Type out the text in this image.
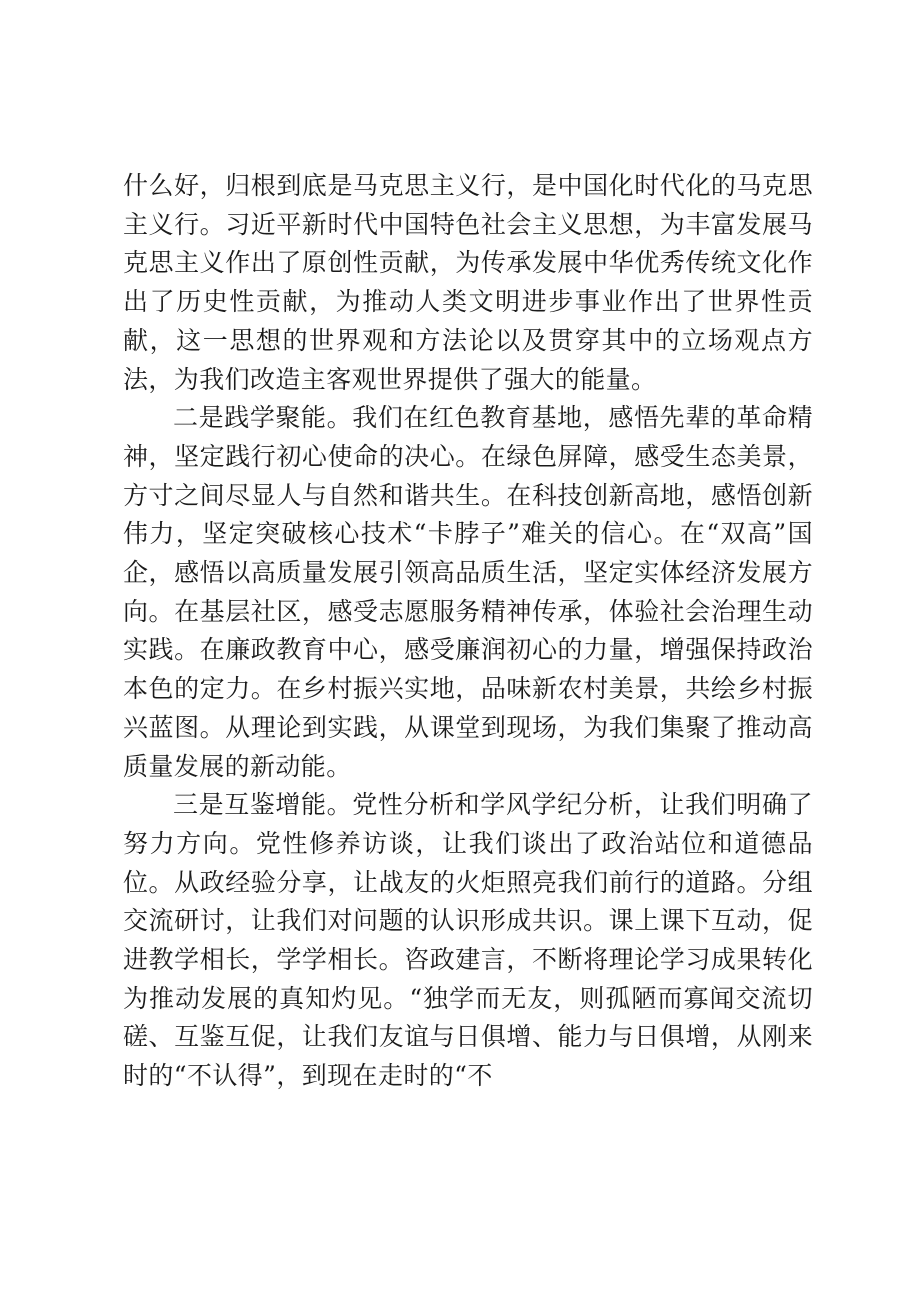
什么好，归根到底是马克思主义行，是中国化时代化的马克思主义行。习近平新时代中国特色社会主义思想，为丰富发展马克思主义作出了原创性贡献，为传承发展中华优秀传统文化作出了历史性贡献，为推动人类文明进步事业作出了世界性贡献，这一思想的世界观和方法论以及贯穿其中的立场观点方法，为我们改造主客观世界提供了强大的能量。

二是践学聚能。我们在红色教育基地，感悟先辈的革命精神，坚定践行初心使命的决心。在绿色屏障，感受生态美景，方寸之间尽显人与自然和谐共生。在科技创新高地，感悟创新伟力，坚定突破核心技术“卡脖子”难关的信心。在“双高”国企，感悟以高质量发展引领高品质生活，坚定实体经济发展方向。在基层社区，感受志愿服务精神传承，体验社会治理生动实践。在廉政教育中心，感受廉润初心的力量，增强保持政治本色的定力。在乡村振兴实地，品味新农村美景，共绘乡村振兴蓝图。从理论到实践，从课堂到现场，为我们集聚了推动高质量发展的新动能。

三是互鉴增能。党性分析和学风学纪分析，让我们明确了努力方向。党性修养访谈，让我们谈出了政治站位和道德品位。从政经验分享，让战友的火炬照亮我们前行的道路。分组交流研讨，让我们对问题的认识形成共识。课上课下互动，促进教学相长，学学相长。咨政建言，不断将理论学习成果转化为推动发展的真知灼见。“独学而无友，则孤陋而寡闻交流切磋、互鉴互促，让我们友谊与日俱增、能力与日俱增，从刚来时的“不认得”，到现在走时的“不
